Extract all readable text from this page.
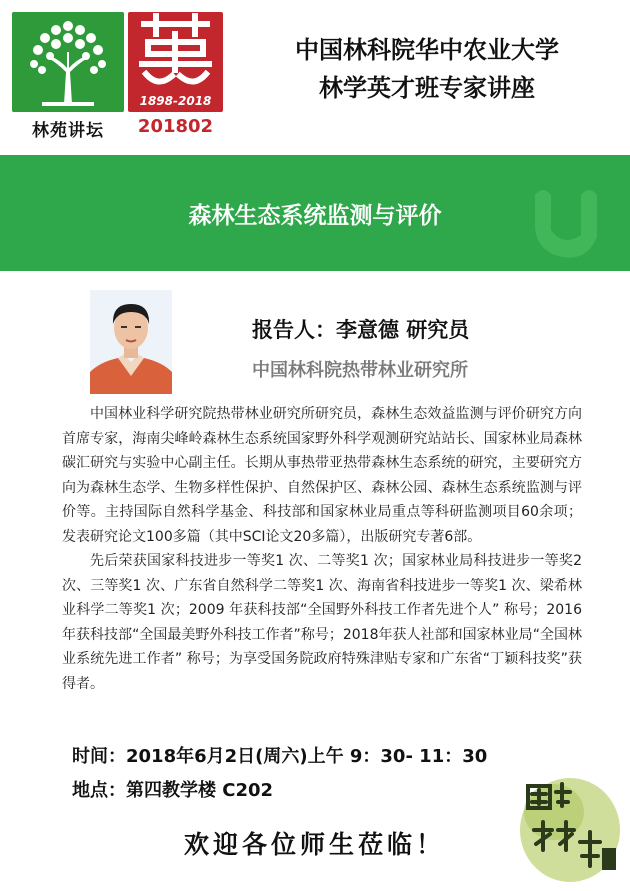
林苑讲坛
1898-2018
201802
中国林科院华中农业大学
林学英才班专家讲座
森林生态系统监测与评价
报告人：李意德 研究员
中国林科院热带林业研究所

中国林业科学研究院热带林业研究所研究员，森林生态效益监测与评价研究方向首席专家，海南尖峰岭森林生态系统国家野外科学观测研究站站长、国家林业局森林碳汇研究与实验中心副主任。长期从事热带亚热带森林生态系统的研究，主要研究方向为森林生态学、生物多样性保护、自然保护区、森林公园、森林生态系统监测与评价等。主持国际自然科学基金、科技部和国家林业局重点等科研监测项目60余项；发表研究论文100多篇（其中SCI论文20多篇），出版研究专著6部。

先后荣获国家科技进步一等奖1 次、二等奖1 次；国家林业局科技进步一等奖2次、三等奖1 次、广东省自然科学二等奖1 次、海南省科技进步一等奖1 次、梁希林业科学二等奖1 次；2009 年获科技部“全国野外科技工作者先进个人” 称号；2016年获科技部“全国最美野外科技工作者”称号；2018年获人社部和国家林业局“全国林业系统先进工作者” 称号；为享受国务院政府特殊津贴专家和广东省“丁颖科技奖”获得者。

时间：2018年6月2日(周六)上午 9：30- 11：30
地点：第四教学楼 C202
欢迎各位师生莅临！
